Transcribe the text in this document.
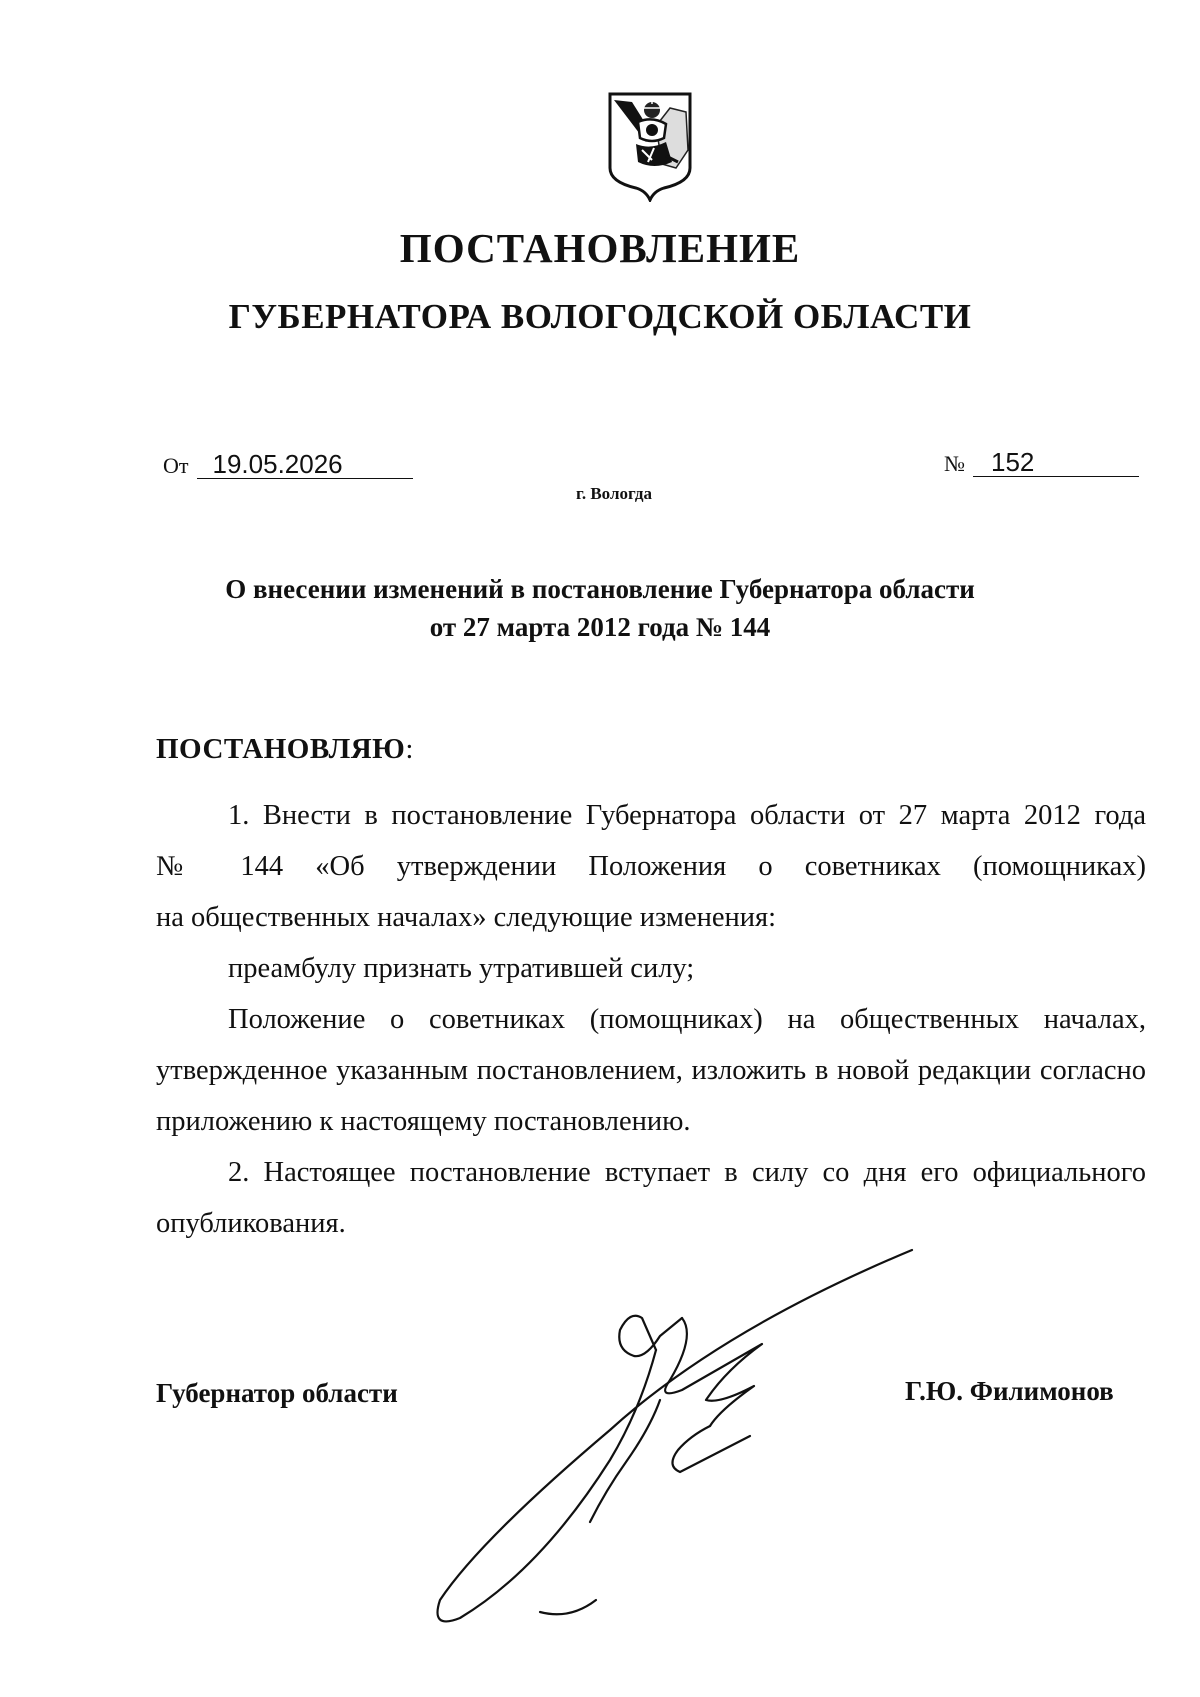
ПОСТАНОВЛЕНИЕ
ГУБЕРНАТОРА ВОЛОГОДСКОЙ ОБЛАСТИ
От 19.05.2026	№ 152
г. Вологда
О внесении изменений в постановление Губернатора области
от 27 марта 2012 года № 144
ПОСТАНОВЛЯЮ:

1. Внести в постановление Губернатора области от 27 марта 2012 года

№ 144 «Об утверждении Положения о советниках (помощниках)

на общественных началах» следующие изменения:

преамбулу признать утратившей силу;

Положение о советниках (помощниках) на общественных началах, утвержденное указанным постановлением, изложить в новой редакции согласно приложению к настоящему постановлению.

2. Настоящее постановление вступает в силу со дня его официального опубликования.

Губернатор области	Г.Ю. Филимонов
